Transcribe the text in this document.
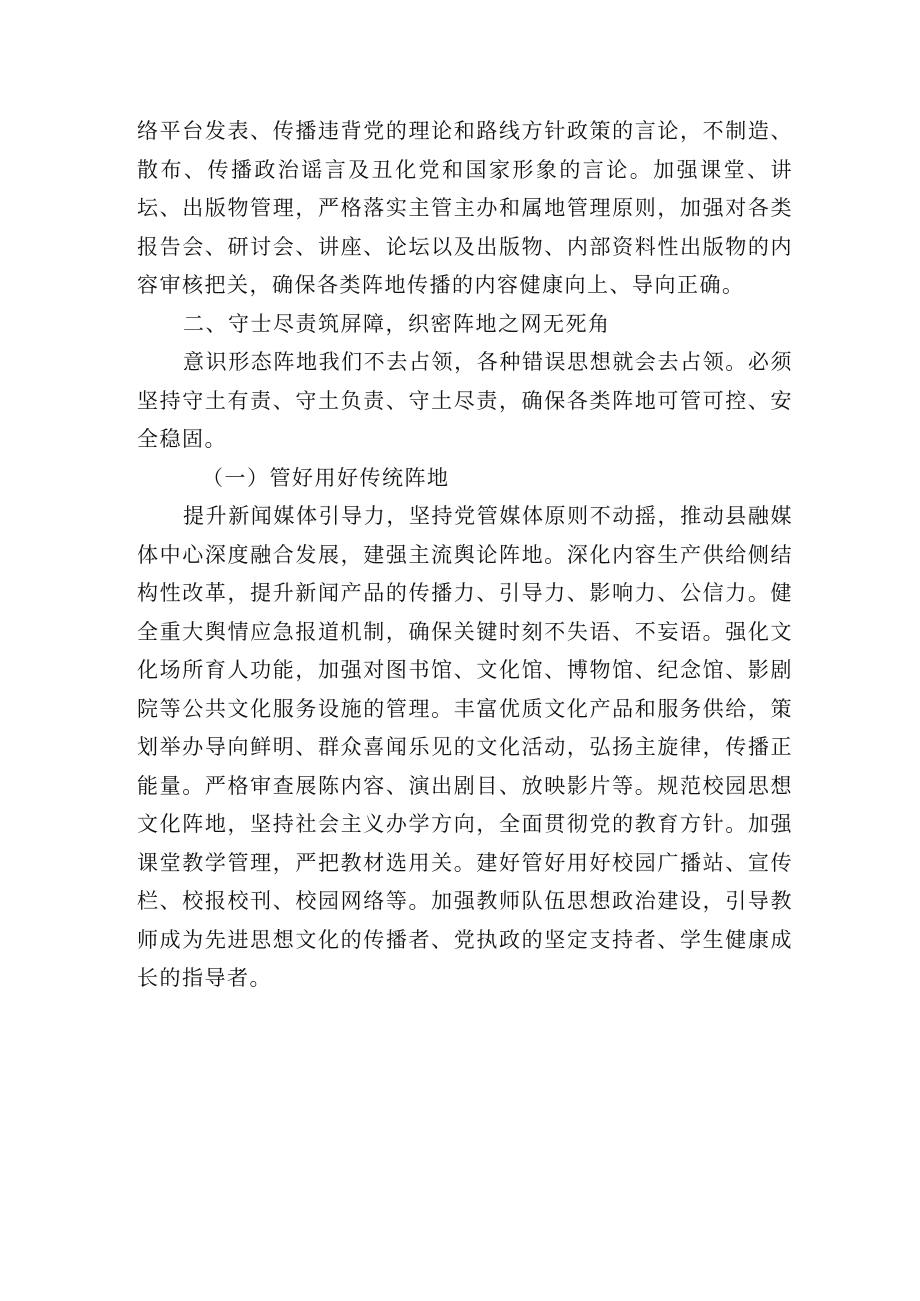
络平台发表、传播违背党的理论和路线方针政策的言论，不制造、散布、传播政治谣言及丑化党和国家形象的言论。加强课堂、讲坛、出版物管理，严格落实主管主办和属地管理原则，加强对各类报告会、研讨会、讲座、论坛以及出版物、内部资料性出版物的内容审核把关，确保各类阵地传播的内容健康向上、导向正确。

二、守士尽责筑屏障，织密阵地之网无死角

意识形态阵地我们不去占领，各种错误思想就会去占领。必须坚持守土有责、守土负责、守土尽责，确保各类阵地可管可控、安全稳固。

（一）管好用好传统阵地

提升新闻媒体引导力，坚持党管媒体原则不动摇，推动县融媒体中心深度融合发展，建强主流舆论阵地。深化内容生产供给侧结构性改革，提升新闻产品的传播力、引导力、影响力、公信力。健全重大舆情应急报道机制，确保关键时刻不失语、不妄语。强化文化场所育人功能，加强对图书馆、文化馆、博物馆、纪念馆、影剧院等公共文化服务设施的管理。丰富优质文化产品和服务供给，策划举办导向鲜明、群众喜闻乐见的文化活动，弘扬主旋律，传播正能量。严格审查展陈内容、演出剧目、放映影片等。规范校园思想文化阵地，坚持社会主义办学方向，全面贯彻党的教育方针。加强课堂教学管理，严把教材选用关。建好管好用好校园广播站、宣传栏、校报校刊、校园网络等。加强教师队伍思想政治建设，引导教师成为先进思想文化的传播者、党执政的坚定支持者、学生健康成长的指导者。
